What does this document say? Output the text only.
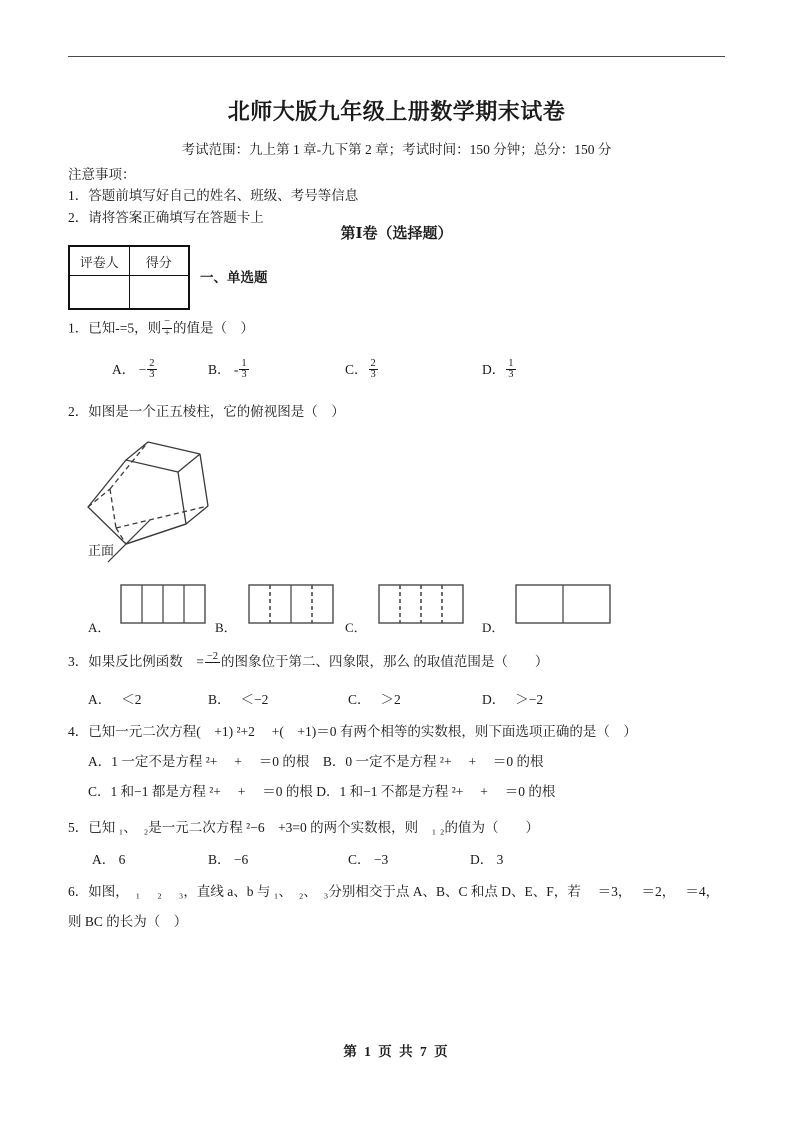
北师大版九年级上册数学期末试卷
考试范围：九上第 1 章-九下第 2 章；考试时间：150 分钟；总分：150 分
注意事项：
1．答题前填写好自己的姓名、班级、考号等信息
2．请将答案正确填写在答题卡上
第Ⅰ卷（选择题）
评卷人	得分

一、单选题
1．已知-=5，则 $\frac{-}{+}$ 的值是（　）
A． − $\frac{2}{3}$	B． - $\frac{1}{3}$	C． $\frac{2}{3}$	D． $\frac{1}{3}$
2．如图是一个正五棱柱，它的俯视图是（　）
正面
A．	B．	C．	D．
3．如果反比例函数　= −2 的图象位于第二、四象限，那么 的取值范围是（　　）
A． ＜2	B． ＜−2	C． ＞2	D． ＞−2
4．已知一元二次方程(　+1) ²+2　 +(　+1)＝0 有两个相等的实数根，则下面选项正确的是（　）
A．1 一定不是方程 ²+　 +　 ＝0 的根　B．0 一定不是方程 ²+　 +　 ＝0 的根
C．1 和−1 都是方程 ²+　 +　 ＝0 的根 D．1 和−1 不都是方程 ²+　 +　 ＝0 的根
5．已知 ₁、　₂是一元二次方程 ²−6　+3=0 的两个实数根，则　₁ ₂的值为（　　）
A． 6	B． −6	C． −3	D． 3
6．如图，　₁　 ₂　 ₃，直线 a、b 与 ₁、　₂、　₃分别相交于点 A、B、C 和点 D、E、F，若　 ＝3，　 ＝2，　 ＝4，
则 BC 的长为（　）
第 1 页 共 7 页
